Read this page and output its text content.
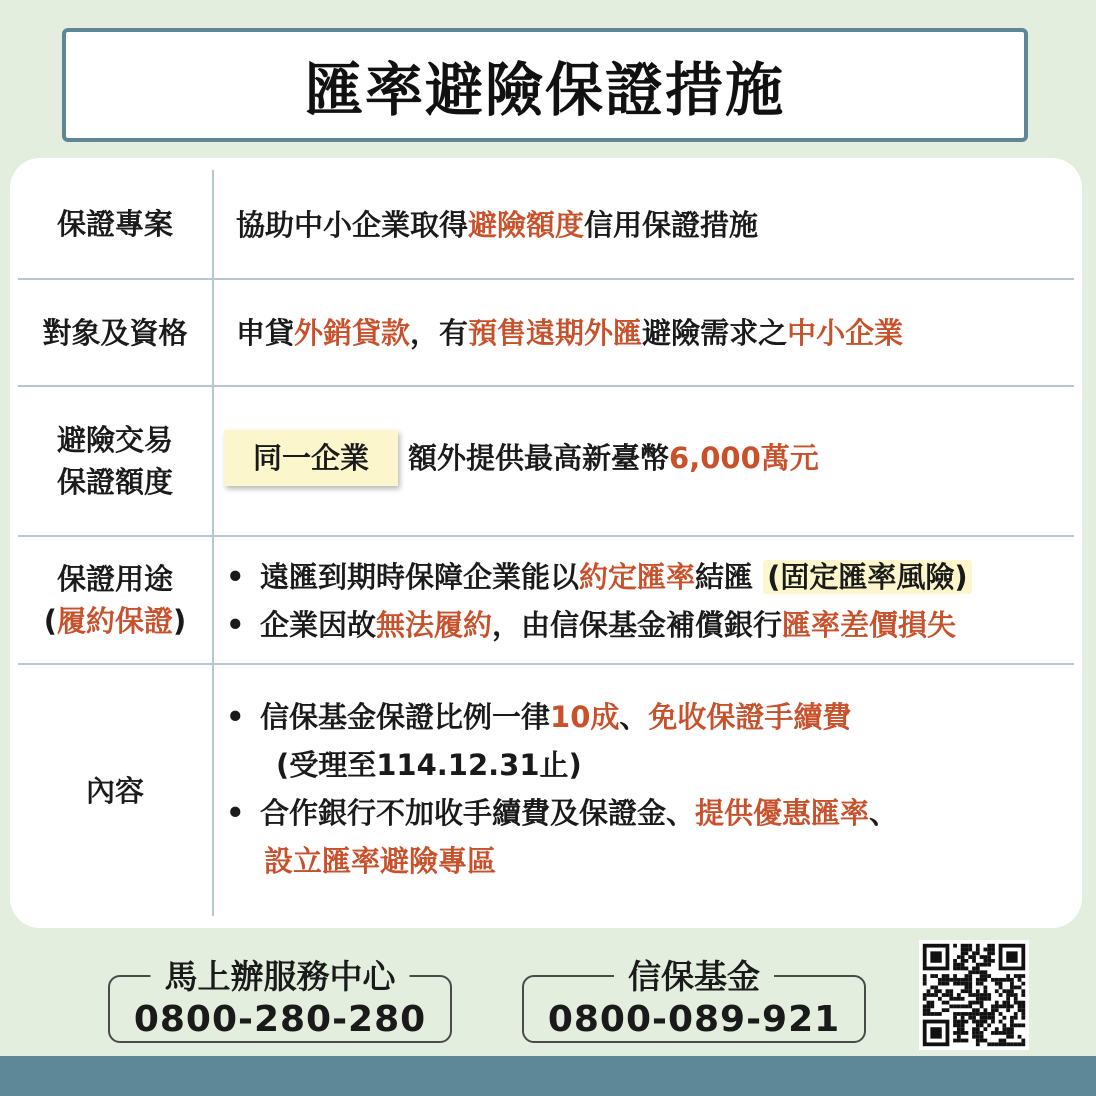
匯率避險保證措施
保證專案 協助中小企業取得避險額度信用保證措施
對象及資格 申貸外銷貸款，有預售遠期外匯避險需求之中小企業
避險交易
保證額度
同一企業	額外提供最高新臺幣 6,000萬元
保證用途
(履約保證)
• 遠匯到期時保障企業能以約定匯率結匯 (固定匯率風險)
• 企業因故無法履約，由信保基金補償銀行匯率差價損失
內容
• 信保基金保證比例一律10成、免收保證手續費
(受理至114.12.31止)
• 合作銀行不加收手續費及保證金、提供優惠匯率、
設立匯率避險專區
馬上辦服務中心
0800-280-280
信保基金
0800-089-921
